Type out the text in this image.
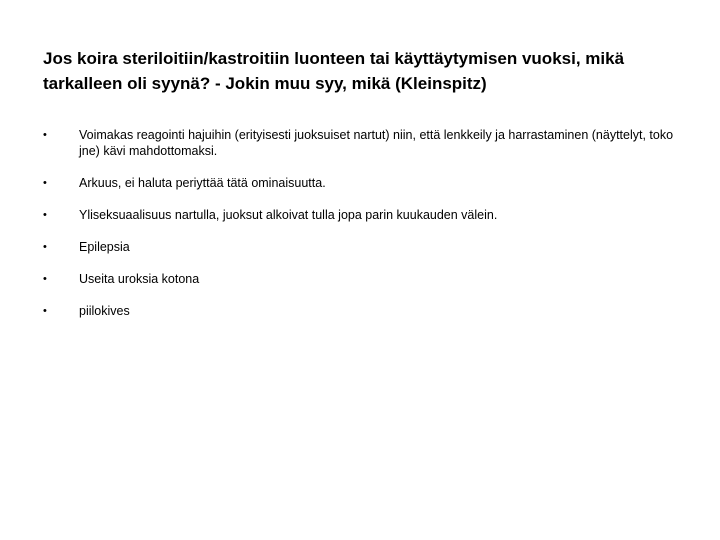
Jos koira steriloitiin/kastroitiin luonteen tai käyttäytymisen vuoksi, mikä tarkalleen oli syynä? - Jokin muu syy, mikä (Kleinspitz)
•	Voimakas reagointi hajuihin (erityisesti juoksuiset nartut) niin, että lenkkeily ja harrastaminen (näyttelyt, toko jne) kävi mahdottomaksi.
•	Arkuus, ei haluta periyttää tätä ominaisuutta.
•	Yliseksuaalisuus nartulla, juoksut alkoivat tulla jopa parin kuukauden välein.
•	Epilepsia
•	Useita uroksia kotona
•	piilokives
